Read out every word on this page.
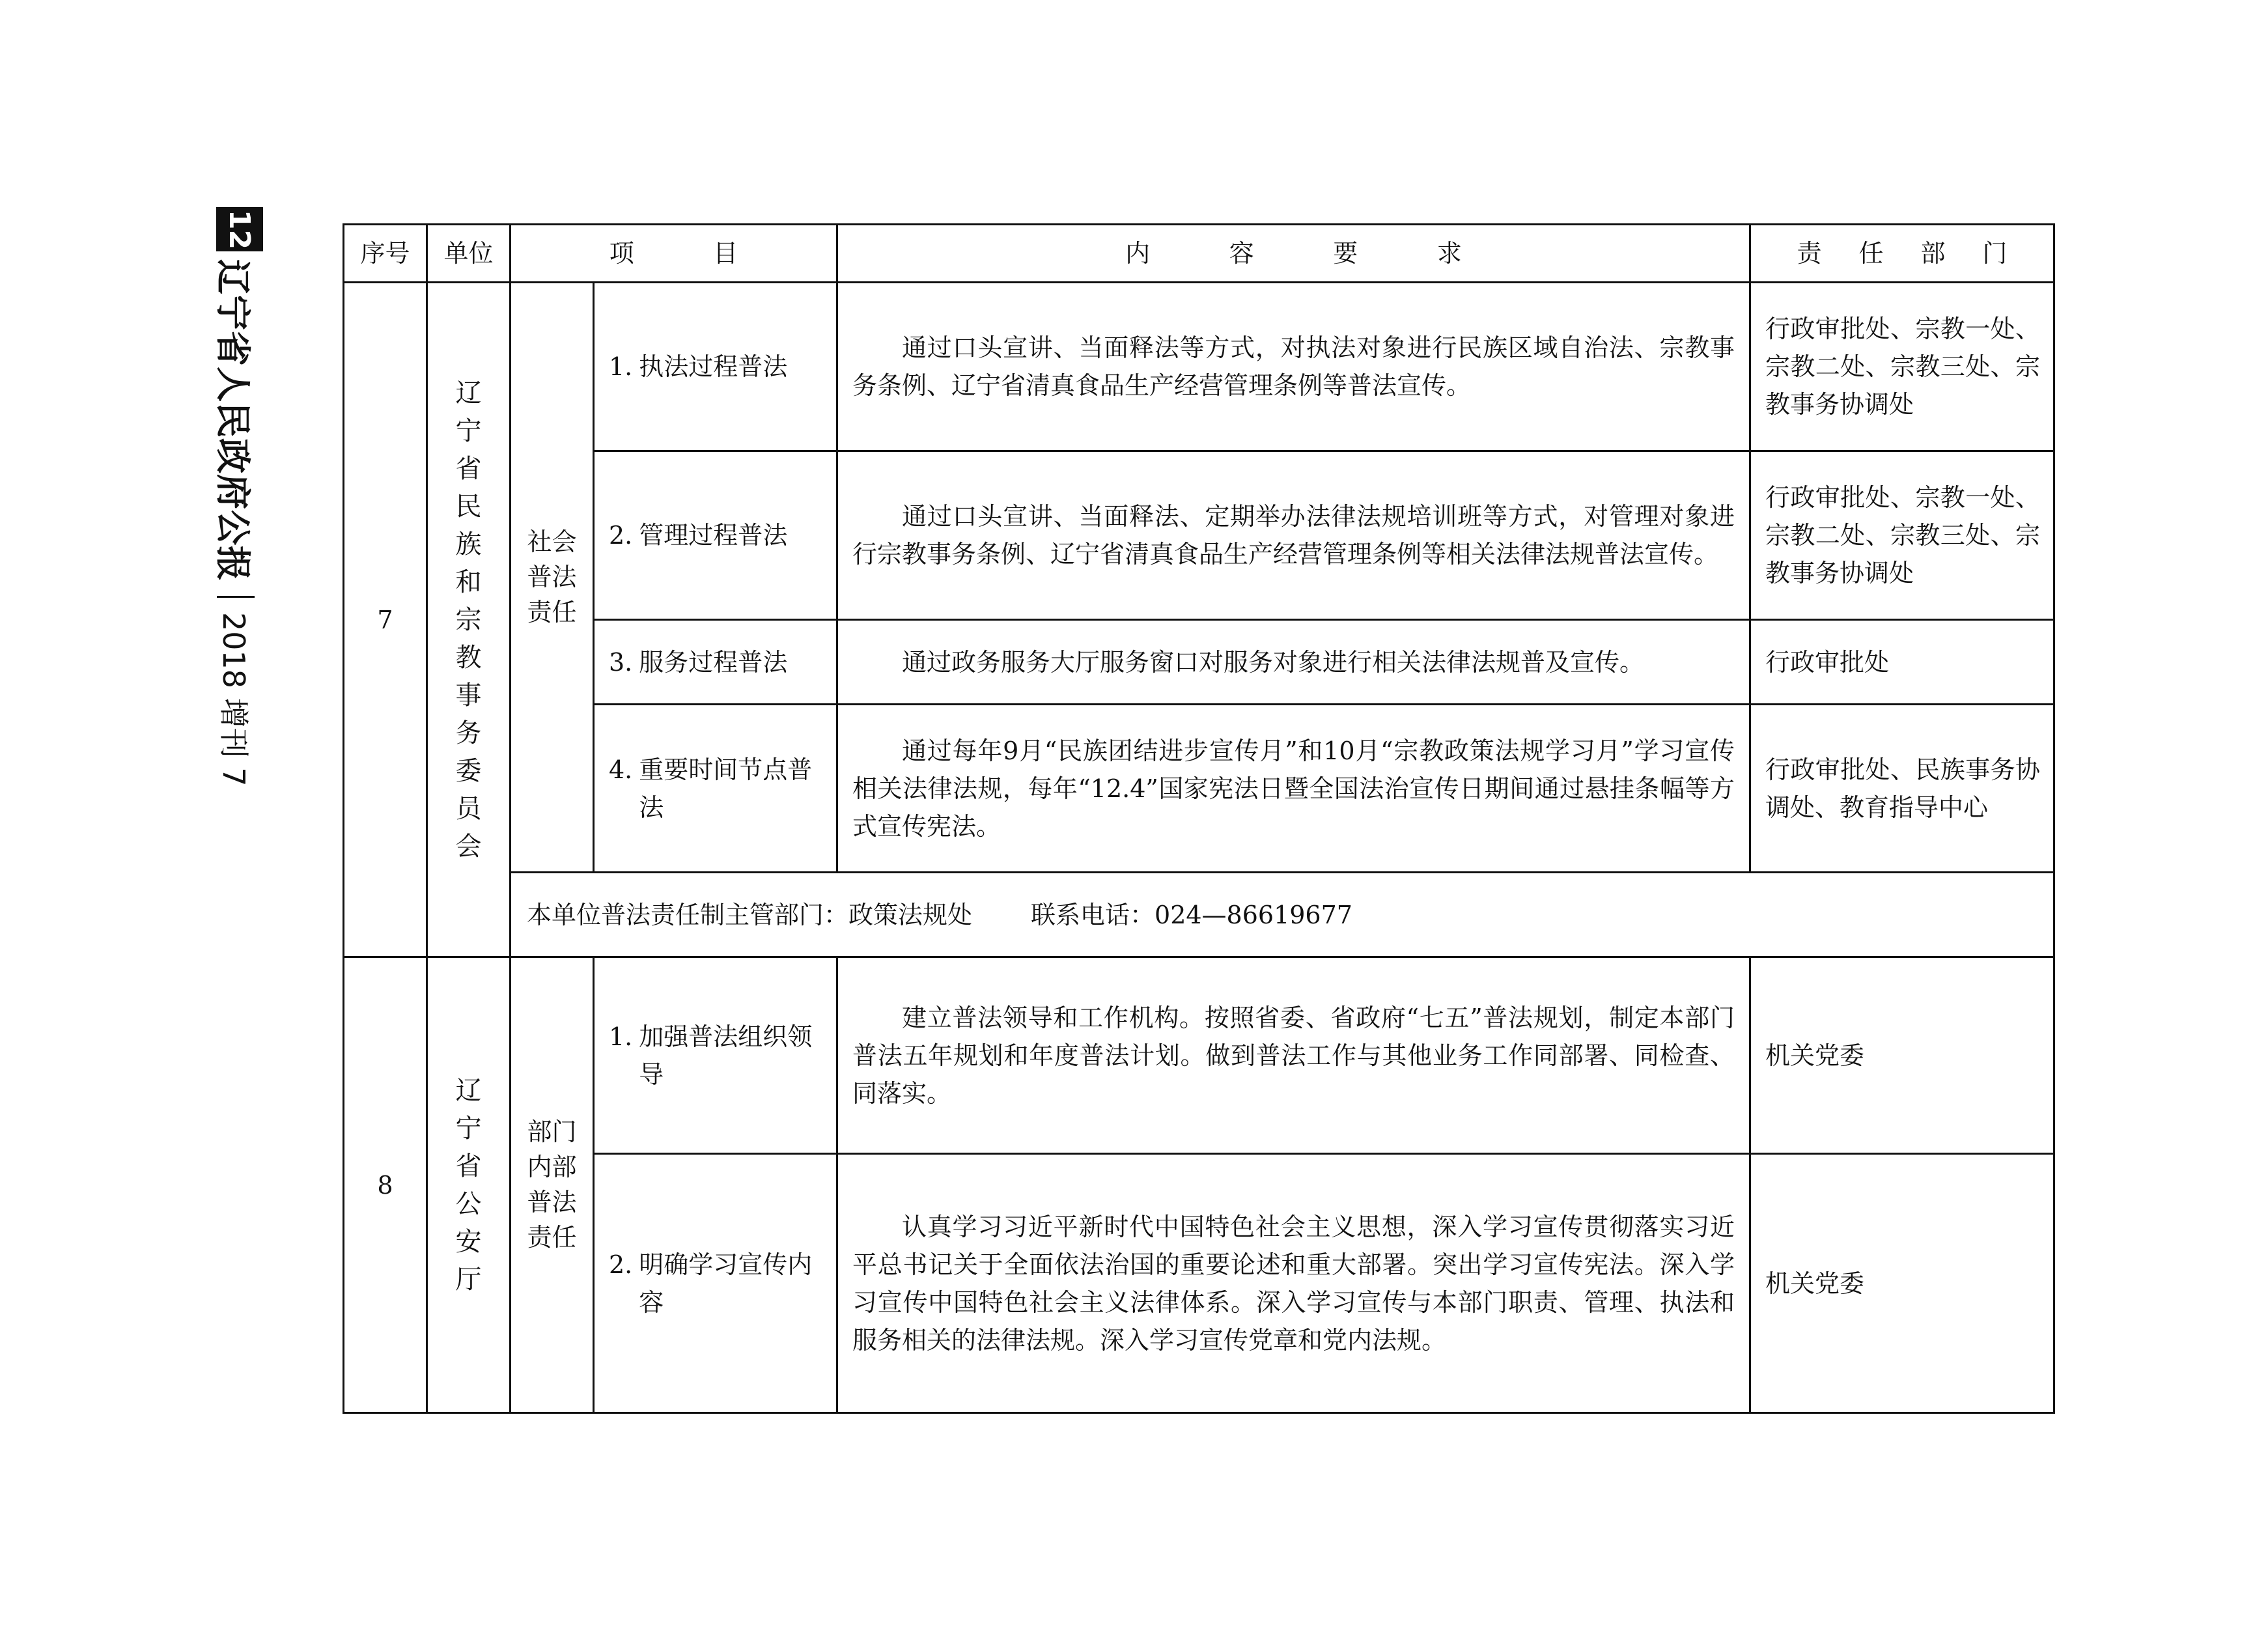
12
辽宁省人民政府公报
2018 增刊 7
序号	单位	项目		内容要求	责任部门
7	辽宁省民族和宗教事务委员会	社会普法责任	1. 执法过程普法	通过口头宣讲、当面释法等方式，对执法对象进行民族区域自治法、宗教事务条例、辽宁省清真食品生产经营管理条例等普法宣传。	行政审批处、宗教一处、宗教二处、宗教三处、宗教事务协调处

			2. 管理过程普法	通过口头宣讲、当面释法、定期举办法律法规培训班等方式，对管理对象进行宗教事务条例、辽宁省清真食品生产经营管理条例等相关法律法规普法宣传。	行政审批处、宗教一处、宗教二处、宗教三处、宗教事务协调处

			3. 服务过程普法	通过政务服务大厅服务窗口对服务对象进行相关法律法规普及宣传。	行政审批处

			4. 重要时间节点普法	通过每年9月“民族团结进步宣传月”和10月“宗教政策法规学习月”学习宣传相关法律法规，每年“12.4”国家宪法日暨全国法治宣传日期间通过悬挂条幅等方式宣传宪法。	行政审批处、民族事务协调处、教育指导中心
		本单位普法责任制主管部门：政策法规处 联系电话：024—86619677			
8	辽宁省公安厅	部门内部普法责任	1. 加强普法组织领导	建立普法领导和工作机构。按照省委、省政府“七五”普法规划，制定本部门普法五年规划和年度普法计划。做到普法工作与其他业务工作同部署、同检查、同落实。	机关党委

			2. 明确学习宣传内容	认真学习习近平新时代中国特色社会主义思想，深入学习宣传贯彻落实习近平总书记关于全面依法治国的重要论述和重大部署。突出学习宣传宪法。深入学习宣传中国特色社会主义法律体系。深入学习宣传与本部门职责、管理、执法和服务相关的法律法规。深入学习宣传党章和党内法规。	机关党委
